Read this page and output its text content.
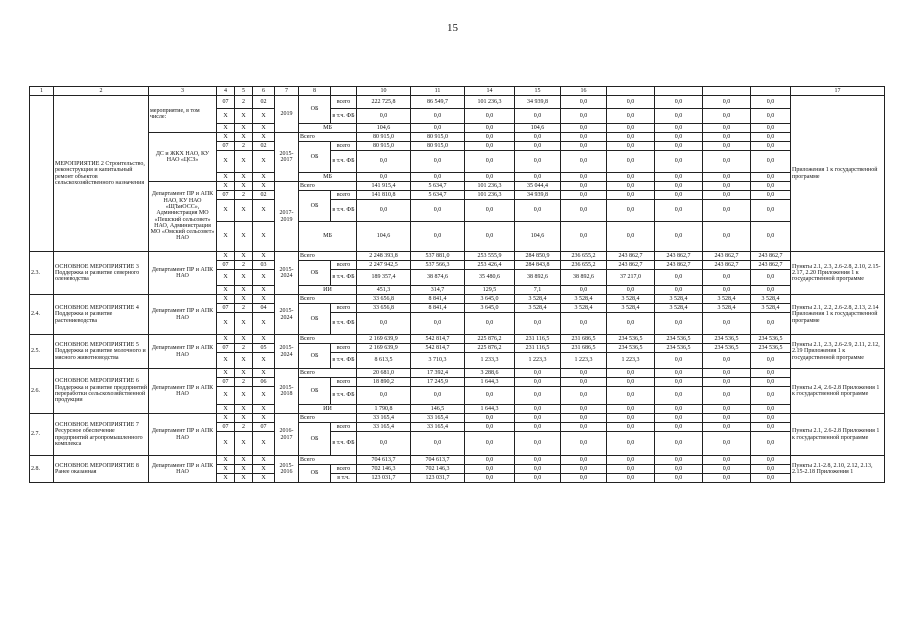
15
1	2	3	4	5	6	7	8		10	11	14	15	16					17
	МЕРОПРИЯТИЕ 2 Строительство, реконструкция и капитальный ремонт объектов сельскохозяйственного назначения	мероприятие, в том числе:	07	2	02	2019	ОБ	всего	222 725,8	86 549,7	101 236,3	34 939,8	0,0	0,0	0,0	0,0	0,0	Приложения 1 к государственной программе
			X	X	X			в т.ч. ФБ	0,0	0,0	0,0	0,0	0,0	0,0	0,0	0,0	0,0	
			X	X	X		МБ		104,6	0,0	0,0	104,6	0,0	0,0	0,0	0,0	0,0	
		ДС и ЖКХ НАО, КУ НАО «ЦСЗ»	X	X	X	2015-2017	Всего		80 915,0	80 915,0	0,0	0,0	0,0	0,0	0,0	0,0	0,0	
			07	2	02		ОБ	всего	80 915,0	80 915,0	0,0	0,0	0,0	0,0	0,0	0,0	0,0	
			X	X	X			в т.ч. ФБ	0,0	0,0	0,0	0,0	0,0	0,0	0,0	0,0	0,0	
			X	X	X		МБ		0,0	0,0	0,0	0,0	0,0	0,0	0,0	0,0	0,0	
		Департамент ПР и АПК НАО, КУ НАО «ЩЪиОСС», Администрация МО «Пешский сельсовет» НАО, Администрация МО «Омский сельсовет» НАО	X	X	X	2017-2019	Всего		141 915,4	5 634,7	101 236,3	35 044,4	0,0	0,0	0,0	0,0	0,0	
			07	2	02		ОБ	всего	141 810,8	5 634,7	101 236,3	34 939,8	0,0	0,0	0,0	0,0	0,0	
			X	X	X			в т.ч. ФБ	0,0	0,0	0,0	0,0	0,0	0,0	0,0	0,0	0,0	
			X	X	X		МБ		104,6	0,0	0,0	104,6	0,0	0,0	0,0	0,0	0,0	
2.3.	ОСНОВНОЕ МЕРОПРИЯТИЕ 3 Поддержка и развитие северного оленеводства	Департамент ПР и АПК НАО	X	X	X	2015-2024	Всего		2 248 393,8	537 881,0	253 555,9	284 850,9	236 655,2	243 862,7	243 862,7	243 862,7	243 862,7	Пункты 2.1, 2.3, 2.6-2.8, 2.10, 2.15-2.17, 2.20 Приложения 1 к государственной программе
			07	2	03		ОБ	всего	2 247 942,5	537 566,3	253 426,4	284 843,8	236 655,2	243 862,7	243 862,7	243 862,7	243 862,7	
			X	X	X			в т.ч. ФБ	189 357,4	38 874,6	35 480,6	38 892,6	38 892,6	37 217,0	0,0	0,0	0,0	
			X	X	X		ИИ		451,3	314,7	129,5	7,1	0,0	0,0	0,0	0,0	0,0	
2.4.	ОСНОВНОЕ МЕРОПРИЯТИЕ 4 Поддержка и развитие растениеводства	Департамент ПР и АПК НАО	X	X	X	2015-2024	Всего		33 656,8	8 841,4	3 645,0	3 528,4	3 528,4	3 528,4	3 528,4	3 528,4	3 528,4	Пункты 2.1, 2.2, 2.6-2.8, 2.13, 2.14 Приложения 1 к государственной программе
			07	2	04		ОБ	всего	33 656,8	8 841,4	3 645,0	3 528,4	3 528,4	3 528,4	3 528,4	3 528,4	3 528,4	
			X	X	X			в т.ч. ФБ	0,0	0,0	0,0	0,0	0,0	0,0	0,0	0,0	0,0	
2.5.	ОСНОВНОЕ МЕРОПРИЯТИЕ 5 Поддержка и развитие молочного и мясного животноводства	Департамент ПР и АПК НАО	X	X	X	2015-2024	Всего		2 169 639,9	542 814,7	225 876,2	231 116,5	231 686,5	234 536,5	234 536,5	234 536,5	234 536,5	Пункты 2.1, 2.3, 2.6-2.9, 2.11, 2.12, 2.19 Приложения 1 к государственной программе
			07	2	05		ОБ	всего	2 169 639,9	542 814,7	225 876,2	231 116,5	231 686,5	234 536,5	234 536,5	234 536,5	234 536,5	
			X	X	X			в т.ч. ФБ	8 613,5	3 710,3	1 233,3	1 223,3	1 223,3	1 223,3	0,0	0,0	0,0	
2.6.	ОСНОВНОЕ МЕРОПРИЯТИЕ 6 Поддержка и развитие предприятий переработки сельскохозяйственной продукции	Департамент ПР и АПК НАО	X	X	X	2015-2018	Всего		20 681,0	17 392,4	3 288,6	0,0	0,0	0,0	0,0	0,0	0,0	Пункты 2.4, 2.6-2.8 Приложения 1 к государственной программе
			07	2	06		ОБ	всего	18 890,2	17 245,9	1 644,3	0,0	0,0	0,0	0,0	0,0	0,0	
			X	X	X			в т.ч. ФБ	0,0	0,0	0,0	0,0	0,0	0,0	0,0	0,0	0,0	
			X	X	X		ИИ		1 790,8	146,5	1 644,3	0,0	0,0	0,0	0,0	0,0	0,0	
2.7.	ОСНОВНОЕ МЕРОПРИЯТИЕ 7 Ресурсное обеспечение предприятий агропромышленного комплекса	Департамент ПР и АПК НАО	X	X	X	2016-2017	Всего		33 165,4	33 165,4	0,0	0,0	0,0	0,0	0,0	0,0	0,0	Пункты 2.1, 2.6-2.8 Приложения 1 к государственной программе
			07	2	07		ОБ	всего	33 165,4	33 165,4	0,0	0,0	0,0	0,0	0,0	0,0	0,0	
			X	X	X			в т.ч. ФБ	0,0	0,0	0,0	0,0	0,0	0,0	0,0	0,0	0,0	
2.8.	ОСНОВНОЕ МЕРОПРИЯТИЕ 8 Ранее оказанная	Департамент ПР и АПК НАО	X	X	X	2015-2016	Всего		704 613,7	704 613,7	0,0	0,0	0,0	0,0	0,0	0,0	0,0	Пункты 2.1-2.8, 2.10, 2.12, 2.13, 2.15-2.18 Приложения 1
			X	X	X		ОБ	всего	702 146,3	702 146,3	0,0	0,0	0,0	0,0	0,0	0,0	0,0	
			X	X	X			в т.ч.	123 031,7	123 031,7	0,0	0,0	0,0	0,0	0,0	0,0	0,0	
